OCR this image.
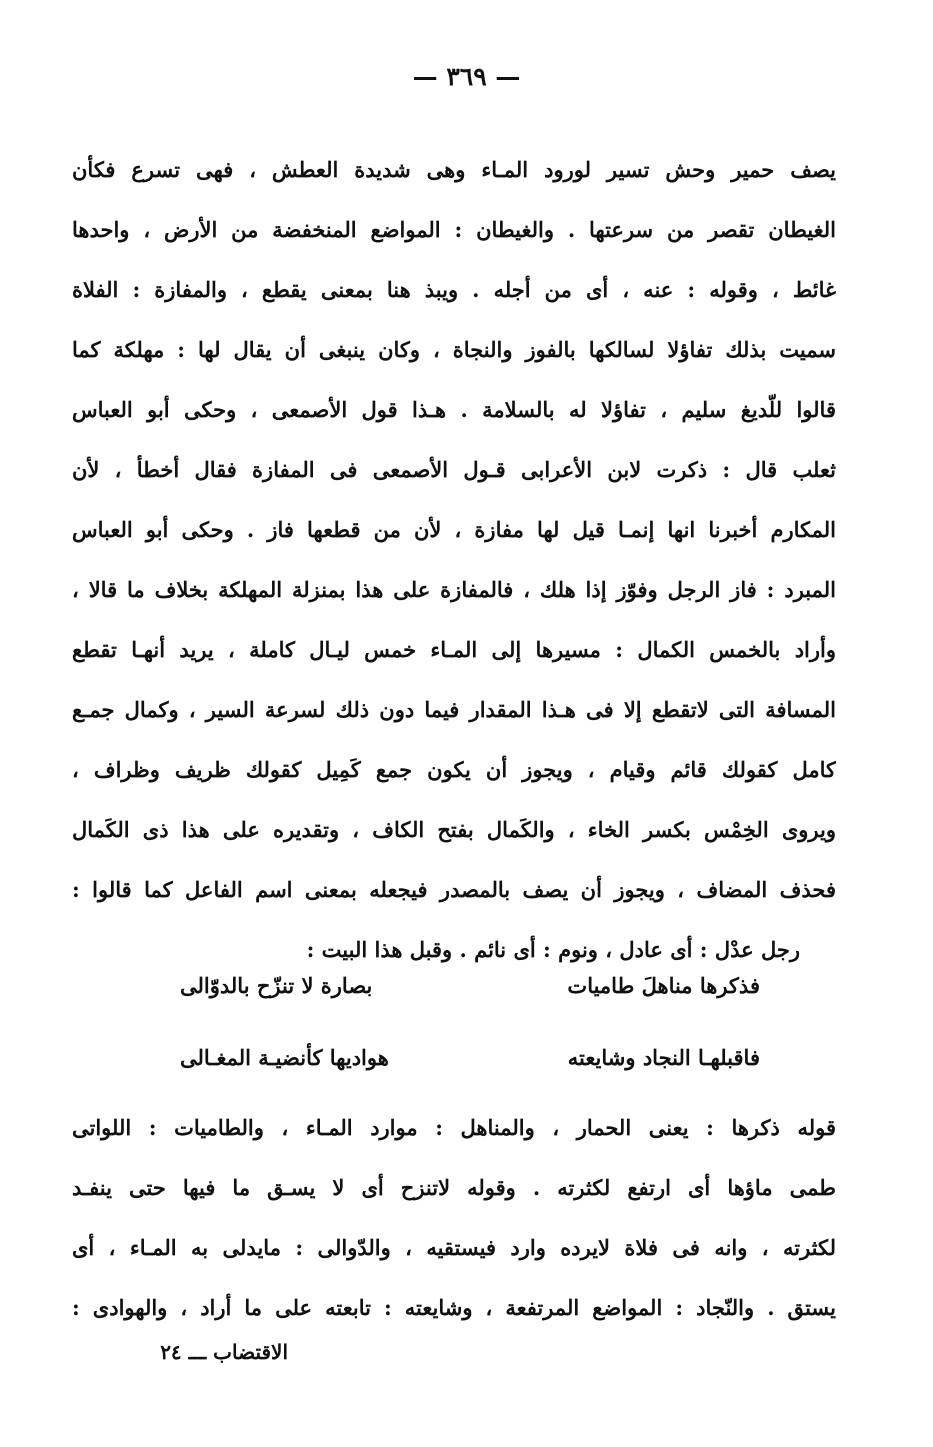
— ٣٦٩ —
يصف حمير وحش تسير لورود المـاء وهى شديدة العطش ، فهى تسرع فكأن
الغيطان تقصر من سرعتها . والغيطان : المواضع المنخفضة من الأرض ، واحدها
غائط ، وقوله : عنه ، أى من أجله . ويبذ هنا بمعنى يقطع ، والمفازة : الفلاة
سميت بذلك تفاؤلا لسالكها بالفوز والنجاة ، وكان ينبغى أن يقال لها : مهلكة كما
قالوا للّديغ سليم ، تفاؤلا له بالسلامة . هـذا قول الأصمعى ، وحكى أبو العباس
ثعلب قال : ذكرت لابن الأعرابى قـول الأصمعى فى المفازة فقال أخطأ ، لأن
المكارم أخبرنا انها إنمـا قيل لها مفازة ، لأن من قطعها فاز . وحكى أبو العباس
المبرد : فاز الرجل وفوّز إذا هلك ، فالمفازة على هذا بمنزلة المهلكة بخلاف ما قالا ،
وأراد بالخمس الكمال : مسيرها إلى المـاء خمس ليـال كاملة ، يريد أنهـا تقطع
المسافة التى لاتقطع إلا فى هـذا المقدار فيما دون ذلك لسرعة السير ، وكمال جمـع
كامل كقولك قائم وقيام ، ويجوز أن يكون جمع كَمِيل كقولك ظريف وظراف ،
ويروى الخِمْس بكسر الخاء ، والكَمال بفتح الكاف ، وتقديره على هذا ذى الكَمال
فحذف المضاف ، ويجوز أن يصف بالمصدر فيجعله بمعنى اسم الفاعل كما قالوا :
رجل عدْل : أى عادل ، ونوم : أى نائم . وقبل هذا البيت :
فذكرها مناهلَ طاميات
بصارة لا تنزّح بالدوّالى
فاقبلهـا النجاد وشايعته
هواديها كأنضيـة المغـالى
قوله ذكرها : يعنى الحمار ، والمناهل : موارد المـاء ، والطاميات : اللواتى
طمى ماؤها أى ارتفع لكثرته . وقوله لاتنزح أى لا يسـق ما فيها حتى ينفـد
لكثرته ، وانه فى فلاة لايرده وارد فيستقيه ، والدّوالى : مايدلى به المـاء ، أى
يستق . والنّجاد : المواضع المرتفعة ، وشايعته : تابعته على ما أراد ، والهوادى :
الاقتضاب ـــ ٢٤
